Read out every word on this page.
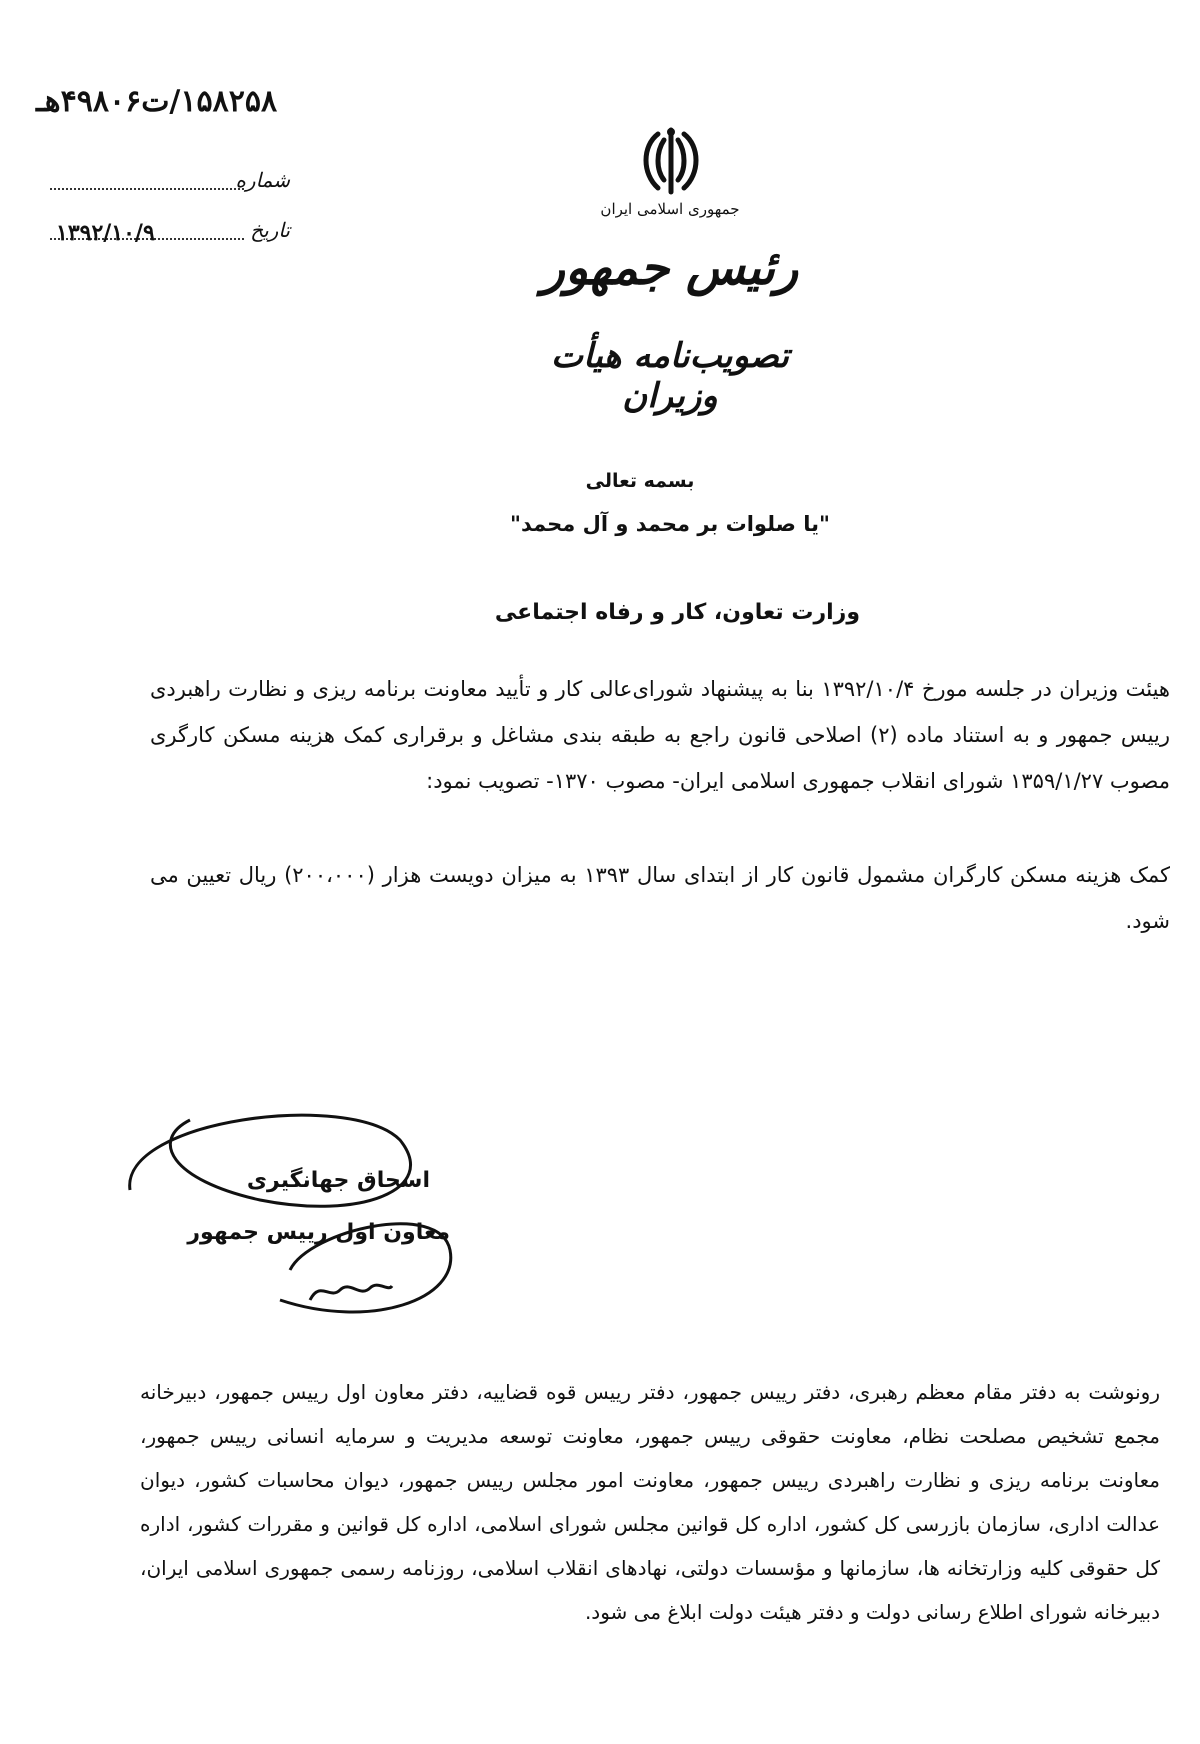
۱۵۸۲۵۸/ت۴۹۸۰۶هـ
شماره
تاریخ
۱۳۹۲/۱۰/۹
جمهوری اسلامی ایران
رئیس جمهور
تصویب‌نامه هیأت وزیران
بسمه تعالی
"یا صلوات بر محمد و آل محمد"
وزارت تعاون، کار و رفاه اجتماعی
هیئت وزیران در جلسه مورخ ۱۳۹۲/۱۰/۴ بنا به پیشنهاد شورای‌عالی کار و تأیید معاونت برنامه ریزی و نظارت راهبردی رییس جمهور و به استناد ماده (۲) اصلاحی قانون راجع به طبقه بندی مشاغل و برقراری کمک هزینه مسکن کارگری مصوب ۱۳۵۹/۱/۲۷ شورای انقلاب جمهوری اسلامی ایران- مصوب ۱۳۷۰- تصویب نمود:
کمک هزینه مسکن کارگران مشمول قانون کار از ابتدای سال ۱۳۹۳ به میزان دویست هزار (۲۰۰،۰۰۰) ریال تعیین می شود.
اسحاق جهانگیری
معاون اول رییس جمهور
رونوشت به دفتر مقام معظم رهبری، دفتر رییس جمهور، دفتر رییس قوه قضاییه، دفتر معاون اول رییس جمهور، دبیرخانه مجمع تشخیص مصلحت نظام، معاونت حقوقی رییس جمهور، معاونت توسعه مدیریت و سرمایه انسانی رییس جمهور، معاونت برنامه ریزی و نظارت راهبردی رییس جمهور، معاونت امور مجلس رییس جمهور، دیوان محاسبات کشور، دیوان عدالت اداری، سازمان بازرسی کل کشور، اداره کل قوانین مجلس شورای اسلامی، اداره کل قوانین و مقررات کشور، اداره کل حقوقی کلیه وزارتخانه ها، سازمانها و مؤسسات دولتی، نهادهای انقلاب اسلامی، روزنامه رسمی جمهوری اسلامی ایران، دبیرخانه شورای اطلاع رسانی دولت و دفتر هیئت دولت ابلاغ می شود.
